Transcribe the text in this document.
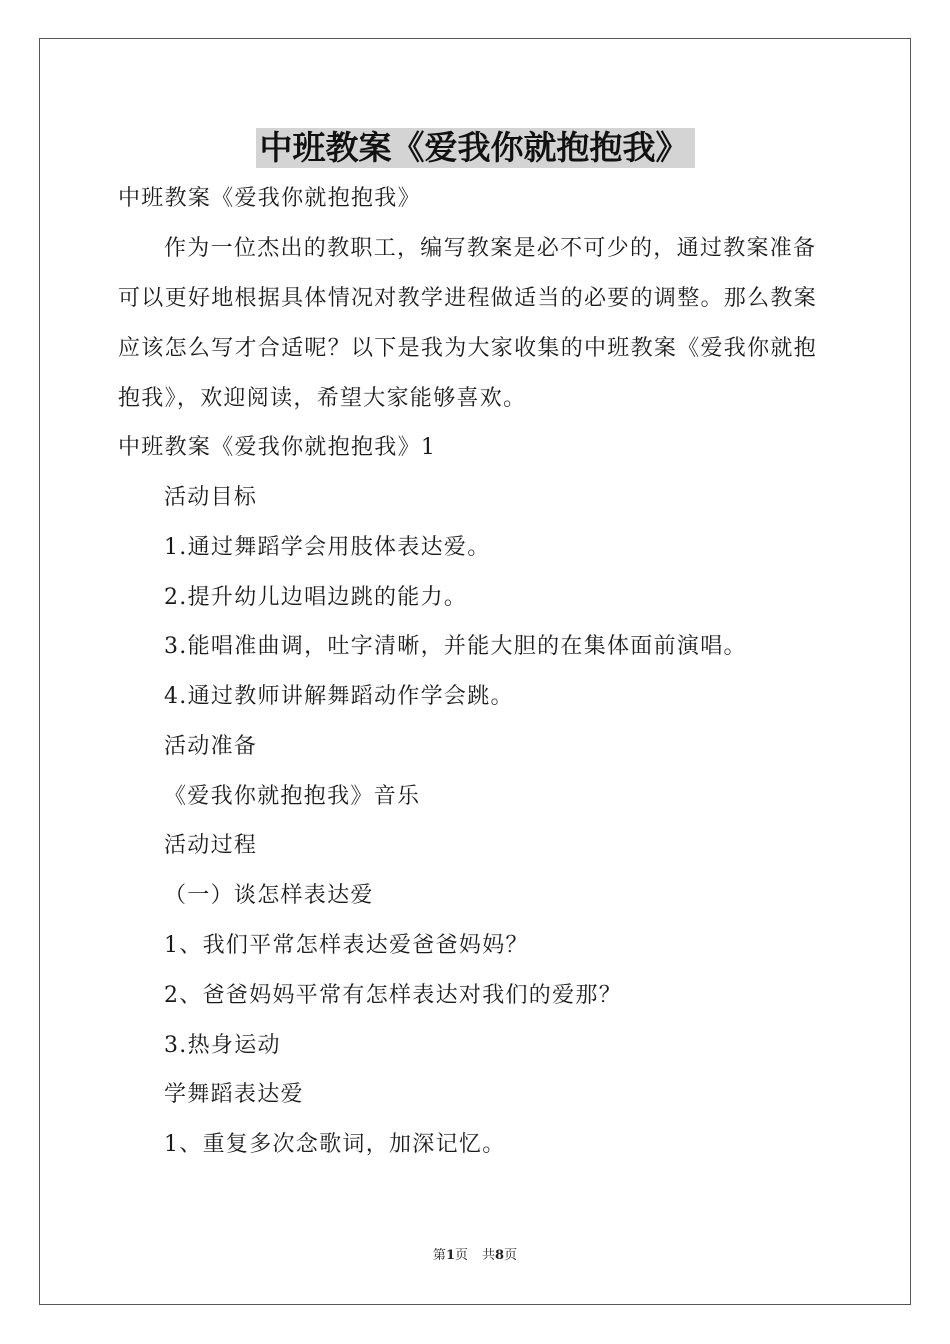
中班教案《爱我你就抱抱我》
中班教案《爱我你就抱抱我》
作为一位杰出的教职工，编写教案是必不可少的，通过教案准备
可以更好地根据具体情况对教学进程做适当的必要的调整。那么教案
应该怎么写才合适呢？以下是我为大家收集的中班教案《爱我你就抱
抱我》，欢迎阅读，希望大家能够喜欢。
中班教案《爱我你就抱抱我》1
活动目标
1.通过舞蹈学会用肢体表达爱。
2.提升幼儿边唱边跳的能力。
3.能唱准曲调，吐字清晰，并能大胆的在集体面前演唱。
4.通过教师讲解舞蹈动作学会跳。
活动准备
《爱我你就抱抱我》音乐
活动过程
（一）谈怎样表达爱
1、我们平常怎样表达爱爸爸妈妈？
2、爸爸妈妈平常有怎样表达对我们的爱那？
3.热身运动
学舞蹈表达爱
1、重复多次念歌词，加深记忆。
第1页 共8页
